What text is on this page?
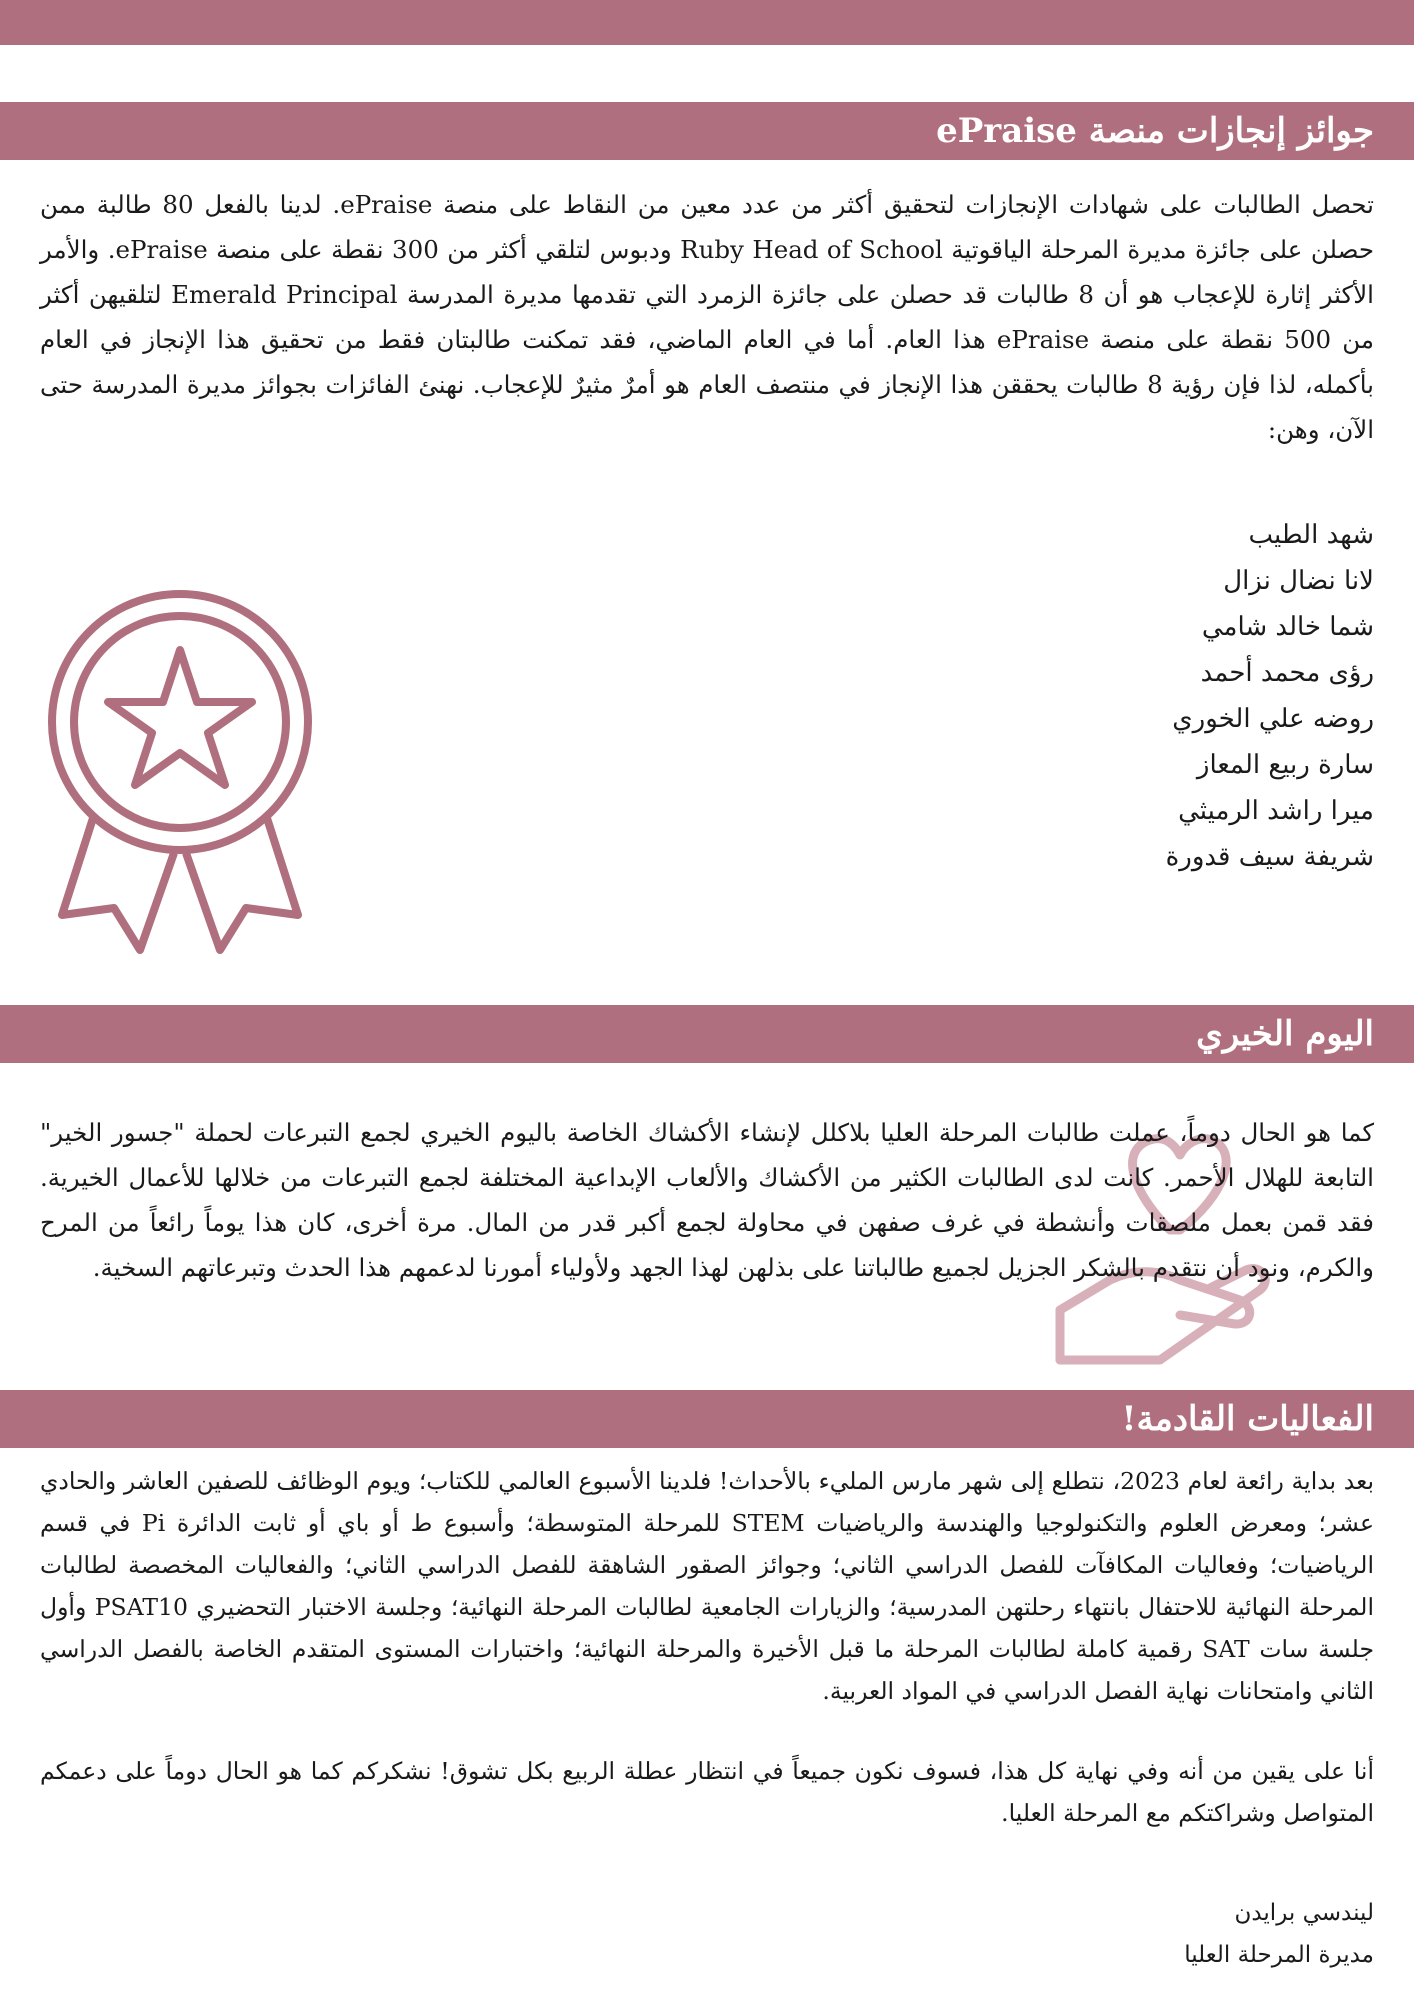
جوائز إنجازات منصة ePraise

تحصل الطالبات على شهادات الإنجازات لتحقيق أكثر من عدد معين من النقاط على منصة ePraise. لدينا بالفعل 80 طالبة ممن حصلن على جائزة مديرة المرحلة الياقوتية Ruby Head of School ودبوس لتلقي أكثر من 300 نقطة على منصة ePraise. والأمر الأكثر إثارة للإعجاب هو أن 8 طالبات قد حصلن على جائزة الزمرد التي تقدمها مديرة المدرسة Emerald Principal لتلقيهن أكثر من 500 نقطة على منصة ePraise هذا العام. أما في العام الماضي، فقد تمكنت طالبتان فقط من تحقيق هذا الإنجاز في العام بأكمله، لذا فإن رؤية 8 طالبات يحققن هذا الإنجاز في منتصف العام هو أمرٌ مثيرٌ للإعجاب. نهنئ الفائزات بجوائز مديرة المدرسة حتى الآن، وهن:

شهد الطيب
لانا نضال نزال
شما خالد شامي
رؤى محمد أحمد
روضه علي الخوري
سارة ربيع المعاز
ميرا راشد الرميثي
شريفة سيف قدورة
اليوم الخيري

كما هو الحال دوماً، عملت طالبات المرحلة العليا بلاكلل لإنشاء الأكشاك الخاصة باليوم الخيري لجمع التبرعات لحملة "جسور الخير" التابعة للهلال الأحمر. كانت لدى الطالبات الكثير من الأكشاك والألعاب الإبداعية المختلفة لجمع التبرعات من خلالها للأعمال الخيرية. فقد قمن بعمل ملصقات وأنشطة في غرف صفهن في محاولة لجمع أكبر قدر من المال. مرة أخرى، كان هذا يوماً رائعاً من المرح والكرم، ونود أن نتقدم بالشكر الجزيل لجميع طالباتنا على بذلهن لهذا الجهد ولأولياء أمورنا لدعمهم هذا الحدث وتبرعاتهم السخية.

الفعاليات القادمة!

بعد بداية رائعة لعام 2023، نتطلع إلى شهر مارس المليء بالأحداث! فلدينا الأسبوع العالمي للكتاب؛ ويوم الوظائف للصفين العاشر والحادي عشر؛ ومعرض العلوم والتكنولوجيا والهندسة والرياضيات STEM للمرحلة المتوسطة؛ وأسبوع ط أو باي أو ثابت الدائرة Pi في قسم الرياضيات؛ وفعاليات المكافآت للفصل الدراسي الثاني؛ وجوائز الصقور الشاهقة للفصل الدراسي الثاني؛ والفعاليات المخصصة لطالبات المرحلة النهائية للاحتفال بانتهاء رحلتهن المدرسية؛ والزيارات الجامعية لطالبات المرحلة النهائية؛ وجلسة الاختبار التحضيري PSAT10 وأول جلسة سات SAT رقمية كاملة لطالبات المرحلة ما قبل الأخيرة والمرحلة النهائية؛ واختبارات المستوى المتقدم الخاصة بالفصل الدراسي الثاني وامتحانات نهاية الفصل الدراسي في المواد العربية.

أنا على يقين من أنه وفي نهاية كل هذا، فسوف نكون جميعاً في انتظار عطلة الربيع بكل تشوق! نشكركم كما هو الحال دوماً على دعمكم المتواصل وشراكتكم مع المرحلة العليا.

ليندسي برايدن
مديرة المرحلة العليا
